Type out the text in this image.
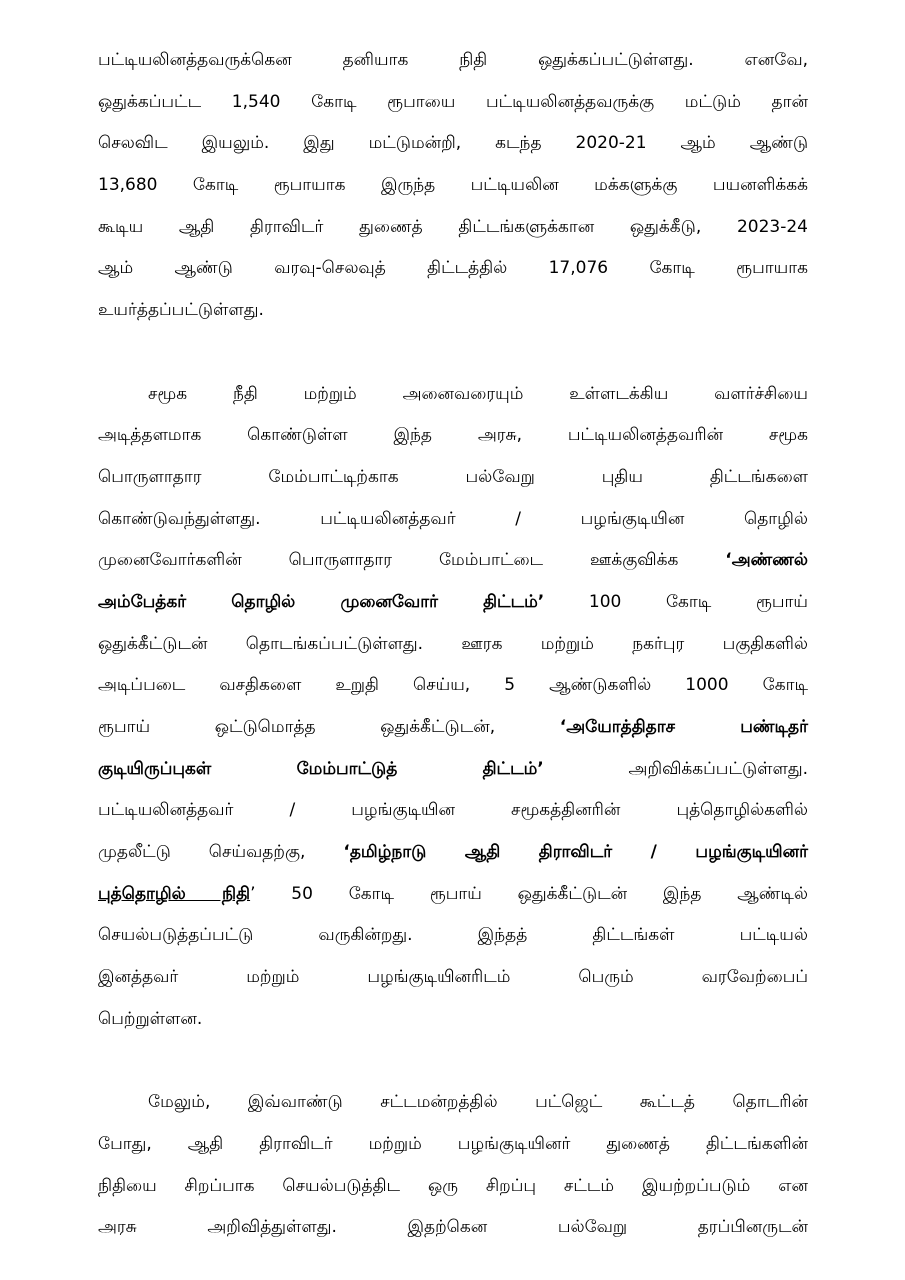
பட்டியலினத்தவருக்கென தனியாக நிதி ஒதுக்கப்பட்டுள்ளது. எனவே,
ஒதுக்கப்பட்ட 1,540 கோடி ரூபாயை பட்டியலினத்தவருக்கு மட்டும் தான்
செலவிட இயலும். இது மட்டுமன்றி, கடந்த 2020-21 ஆம் ஆண்டு
13,680 கோடி ரூபாயாக இருந்த பட்டியலின மக்களுக்கு பயனளிக்கக்
கூடிய ஆதி திராவிடர் துணைத் திட்டங்களுக்கான ஒதுக்கீடு, 2023-24
ஆம் ஆண்டு வரவு-செலவுத் திட்டத்தில் 17,076 கோடி ரூபாயாக
உயர்த்தப்பட்டுள்ளது.
சமூக நீதி மற்றும் அனைவரையும் உள்ளடக்கிய வளர்ச்சியை
அடித்தளமாக கொண்டுள்ள இந்த அரசு, பட்டியலினத்தவரின் சமூக
பொருளாதார மேம்பாட்டிற்காக பல்வேறு புதிய திட்டங்களை
கொண்டுவந்துள்ளது. பட்டியலினத்தவர் / பழங்குடியின தொழில்
முனைவோர்களின் பொருளாதார மேம்பாட்டை ஊக்குவிக்க ‘அண்ணல்
அம்பேத்கர் தொழில் முனைவோர் திட்டம்’ 100 கோடி ரூபாய்
ஒதுக்கீட்டுடன் தொடங்கப்பட்டுள்ளது. ஊரக மற்றும் நகர்புர பகுதிகளில்
அடிப்படை வசதிகளை உறுதி செய்ய, 5 ஆண்டுகளில் 1000 கோடி
ரூபாய் ஒட்டுமொத்த ஒதுக்கீட்டுடன், ‘அயோத்திதாச பண்டிதர்
குடியிருப்புகள் மேம்பாட்டுத் திட்டம்’ அறிவிக்கப்பட்டுள்ளது.
பட்டியலினத்தவர் / பழங்குடியின சமூகத்தினரின் புத்தொழில்களில்
முதலீட்டு செய்வதற்கு, ‘தமிழ்நாடு ஆதி திராவிடர் / பழங்குடியினர்
புத்தொழில் நிதி’ 50 கோடி ரூபாய் ஒதுக்கீட்டுடன் இந்த ஆண்டில்
செயல்படுத்தப்பட்டு வருகின்றது. இந்தத் திட்டங்கள் பட்டியல்
இனத்தவர் மற்றும் பழங்குடியினரிடம் பெரும் வரவேற்பைப்
பெற்றுள்ளன.
மேலும், இவ்வாண்டு சட்டமன்றத்தில் பட்ஜெட் கூட்டத் தொடரின்
போது, ஆதி திராவிடர் மற்றும் பழங்குடியினர் துணைத் திட்டங்களின்
நிதியை சிறப்பாக செயல்படுத்திட ஒரு சிறப்பு சட்டம் இயற்றப்படும் என
அரசு அறிவித்துள்ளது. இதற்கென பல்வேறு தரப்பினருடன்
